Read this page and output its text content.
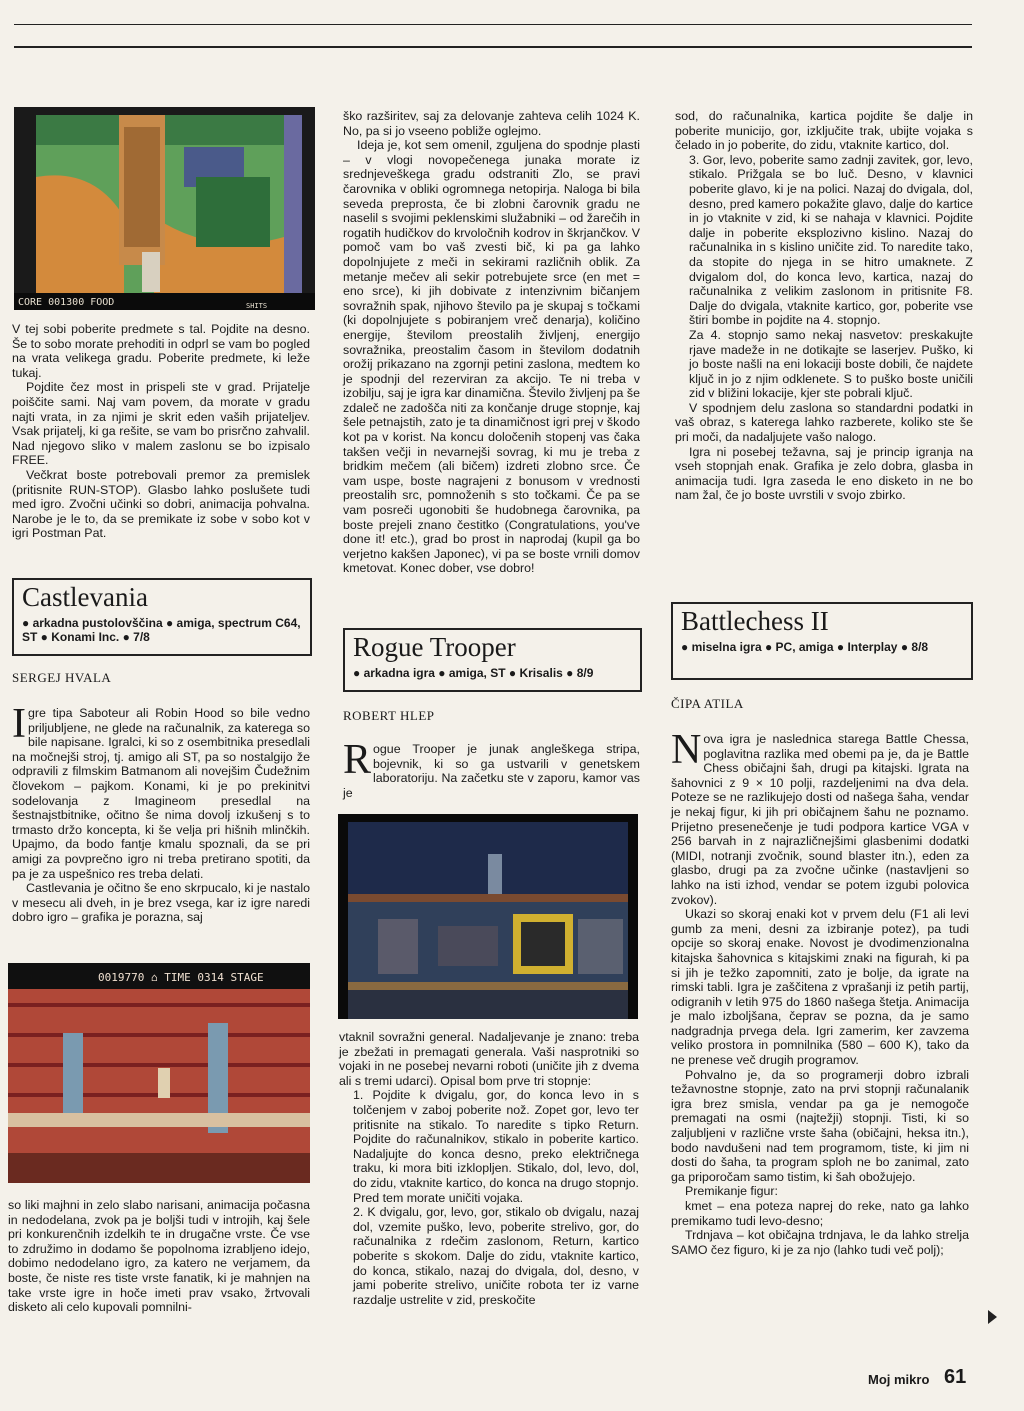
CORE 001300 FOOD	SHITS

V tej sobi poberite predmete s tal. Pojdite na desno. Še to sobo morate prehoditi in odprl se vam bo pogled na vrata velikega gradu. Poberite predmete, ki leže tukaj.

Pojdite čez most in prispeli ste v grad. Prijatelje poiščite sami. Naj vam povem, da morate v gradu najti vrata, in za njimi je skrit eden vaših prijateljev. Vsak prijatelj, ki ga rešite, se vam bo prisrčno zahvalil. Nad njegovo sliko v malem zaslonu se bo izpisalo FREE.

Večkrat boste potrebovali premor za premislek (pritisnite RUN-STOP). Glasbo lahko poslušete tudi med igro. Zvočni učinki so dobri, animacija pohvalna. Narobe je le to, da se premikate iz sobe v sobo kot v igri Postman Pat.

Castlevania
● arkadna pustolovščina ● amiga, spectrum C64, ST ● Konami Inc. ● 7/8
SERGEJ HVALA

Igre tipa Saboteur ali Robin Hood so bile vedno priljubljene, ne glede na računalnik, za katerega so bile napisane. Igralci, ki so z osembitnika presedlali na močnejši stroj, tj. amigo ali ST, pa so nostalgijo že odpravili z filmskim Batmanom ali novejšim Čudežnim človekom – pajkom. Konami, ki je po prekinitvi sodelovanja z Imagineom presedlal na šestnajstbitnike, očitno še nima dovolj izkušenj s to trmasto držo koncepta, ki še velja pri hišnih mlinčkih. Upajmo, da bodo fantje kmalu spoznali, da se pri amigi za povprečno igro ni treba pretirano spotiti, da pa je za uspešnico res treba delati.

Castlevania je očitno še eno skrpucalo, ki je nastalo v mesecu ali dveh, in je brez vsega, kar iz igre naredi dobro igro – grafika je poraznа, saj

0019770 ⌂ TIME 0314 STAGE

so liki majhni in zelo slabo narisani, animacija počasna in nedodelana, zvok pa je boljši tudi v introjih, kaj šele pri konkurenčnih izdelkih te in drugačne vrste. Če vse to združimo in dodamo še popolnoma izrabljeno idejo, dobimo nedodelano igro, za katero ne verjamem, da boste, če niste res tiste vrste fanatik, ki je mahnjen na take vrste igre in hoče imeti prav vsako, žrtvovali disketo ali celo kupovali pomnilni-

ško razširitev, saj za delovanje zahteva celih 1024 K. No, pa si jo vseeno pobliže oglejmo.

Ideja je, kot sem omenil, zguljena do spodnje plasti – v vlogi novopečenega junaka morate iz srednjeveškega gradu odstraniti Zlo, se pravi čarovnika v obliki ogromnega netopirja. Naloga bi bila seveda preprosta, če bi zlobni čarovnik gradu ne naselil s svojimi peklenskimi služabniki – od žarečih in rogatih hudičkov do krvoločnih kodrov in škrjančkov. V pomoč vam bo vaš zvesti bič, ki pa ga lahko dopolnjujete z meči in sekirami različnih oblik. Za metanje mečev ali sekir potrebujete srce (en met = eno srce), ki jih dobivate z intenzivnim bičanjem sovražnih spak, njihovo število pa je skupaj s točkami (ki dopolnjujete s pobiranjem vreč denarja), količino energije, številom preostalih življenj, energijo sovražnika, preostalim časom in številom dodatnih orožij prikazano na zgornji petini zaslona, medtem ko je spodnji del rezerviran za akcijo. Te ni treba v izobilju, saj je igra kar dinamična. Število življenj pa še zdaleč ne zadošča niti za končanje druge stopnje, kaj šele petnajstih, zato je ta dinamičnost igri prej v škodo kot pa v korist. Na koncu določenih stopenj vas čaka takšen večji in nevarnejši sovrag, ki mu je treba z bridkim mečem (ali bičem) izdreti zlobno srce. Če vam uspe, boste nagrajeni z bonusom v vrednosti preostalih src, pomnoženih s sto točkami. Če pa se vam posreči ugonobiti še hudobnega čarovnika, pa boste prejeli znano čestitko (Congratulations, you've done it! etc.), grad bo prost in naprodaj (kupil ga bo verjetno kakšen Japonec), vi pa se boste vrnili domov kmetovat. Konec dober, vse dobro!

Rogue Trooper
● arkadna igra ● amiga, ST ● Krisalis ● 8/9
ROBERT HLEP

Rogue Trooper je junak angleškega stripa, bojevnik, ki so ga ustvarili v genetskem laboratoriju. Na začetku ste v zaporu, kamor vas je

vtaknil sovražni general. Nadaljevanje je znano: treba je zbežati in premagati generala. Vaši nasprotniki so vojaki in ne posebej nevarni roboti (uničite jih z dvema ali s tremi udarci). Opisal bom prve tri stopnje:

1. Pojdite k dvigalu, gor, do konca levo in s tolčenjem v zaboj poberite nož. Zopet gor, levo ter pritisnite na stikalo. To naredite s tipko Return. Pojdite do računalnikov, stikalo in poberite kartico. Nadaljujte do konca desno, preko električnega traku, ki mora biti izklopljen. Stikalo, dol, levo, dol, do zidu, vtaknite kartico, do konca na drugo stopnjo. Pred tem morate uničiti vojaka.

2. K dvigalu, gor, levo, gor, stikalo ob dvigalu, nazaj dol, vzemite puško, levo, poberite strelivo, gor, do računalnika z rdečim zaslonom, Return, kartico poberite s skokom. Dalje do zidu, vtaknite kartico, do konca, stikalo, nazaj do dvigala, dol, desno, v jami poberite strelivo, uničite robota ter iz varne razdalje ustrelite v zid, preskočite

sod, do računalnika, kartica pojdite še dalje in poberite municijo, gor, izključite trak, ubijte vojaka s čeladо in jo poberite, do zidu, vtaknite kartico, dol.

3. Gor, levo, poberite samo zadnji zavitek, gor, levo, stikalo. Prižgala se bo luč. Desno, v klavnici poberite glavo, ki je na polici. Nazaj do dvigala, dol, desno, pred kamero pokažite glavo, dalje do kartice in jo vtaknite v zid, ki se nahaja v klavnici. Pojdite dalje in poberite eksplozivno kislino. Nazaj do računalnika in s kislino uničite zid. To naredite tako, da stopite do njega in se hitro umaknete. Z dvigalom dol, do konca levo, kartica, nazaj do računalnika z velikim zaslonom in pritisnite F8. Dalje do dvigala, vtaknite kartico, gor, poberite vse štiri bombe in pojdite na 4. stopnjo.

Za 4. stopnjo samo nekaj nasvetov: preskakujte rjave madeže in ne dotikajte se laserjev. Puško, ki jo boste našli na eni lokaciji boste dobili, če najdete ključ in jo z njim odklenete. S to puško boste uničili zid v bližini lokacije, kjer ste pobrali ključ.

V spodnjem delu zaslona so standardni podatki in vaš obraz, s katerega lahko razberete, koliko ste še pri moči, da nadaljujete vašo nalogo.

Igra ni posebej težavna, saj je princip igranja na vseh stopnjah enak. Grafika je zelo dobra, glasba in animacija tudi. Igra zaseda le eno disketo in ne bo nam žal, če jo boste uvrstili v svojo zbirko.

Battlechess II
● miselna igra ● PC, amiga ● Interplay ● 8/8
ČIPA ATILA

Nova igra je naslednica starega Battle Chessa, poglavitna razlika med obemi pa je, da je Battle Chess običajni šah, drugi pa kitajski. Igrata na šahovnici z 9 × 10 polji, razdeljenimi na dva dela. Poteze se ne razlikujejo dosti od našega šaha, vendar je nekaj figur, ki jih pri običajnem šahu ne poznamo. Prijetno presenečenje je tudi podpora kartice VGA v 256 barvah in z najrazličnejšimi glasbenimi dodatki (MIDI, notranji zvočnik, sound blaster itn.), eden za glasbo, drugi pa za zvočne učinke (nastavljeni so lahko na isti izhod, vendar se potem izgubi polovica zvokov).

Ukazi so skoraj enaki kot v prvem delu (F1 ali levi gumb za meni, desni za izbiranje potez), pa tudi opcije so skoraj enake. Novost je dvodimenzionalna kitajska šahovnica s kitajskimi znaki na figurah, ki pa si jih je težko zapomniti, zato je bolje, da igrate na rimski tabli. Igra je zaščitena z vprašanji iz petih partij, odigranih v letih 975 do 1860 našega štetja. Animacija je malo izboljšana, čeprav se pozna, da je samo nadgradnja prvega dela. Igri zamerim, ker zavzema veliko prostora in pomnilnika (580 – 600 K), tako da ne prenese več drugih programov.

Pohvalno je, da so programerji dobro izbrali težavnostne stopnje, zato na prvi stopnji računalanik igra brez smisla, vendar pa ga je nemogoče premagati na osmi (najtežji) stopnji. Tisti, ki so zaljubljeni v različne vrste šaha (običajni, heksa itn.), bodo navdušeni nad tem programom, tiste, ki jim ni dosti do šaha, ta program sploh ne bo zanimal, zato ga priporočam samo tistim, ki šah obožujejo.

Premikanje figur:

kmet – ena poteza naprej do reke, nato ga lahko premikamo tudi levo-desno;

Trdnjava – kot običajna trdnjava, le da lahko strelja SAMO čez figuro, ki je za njo (lahko tudi več polj);

Moj mikro 61
